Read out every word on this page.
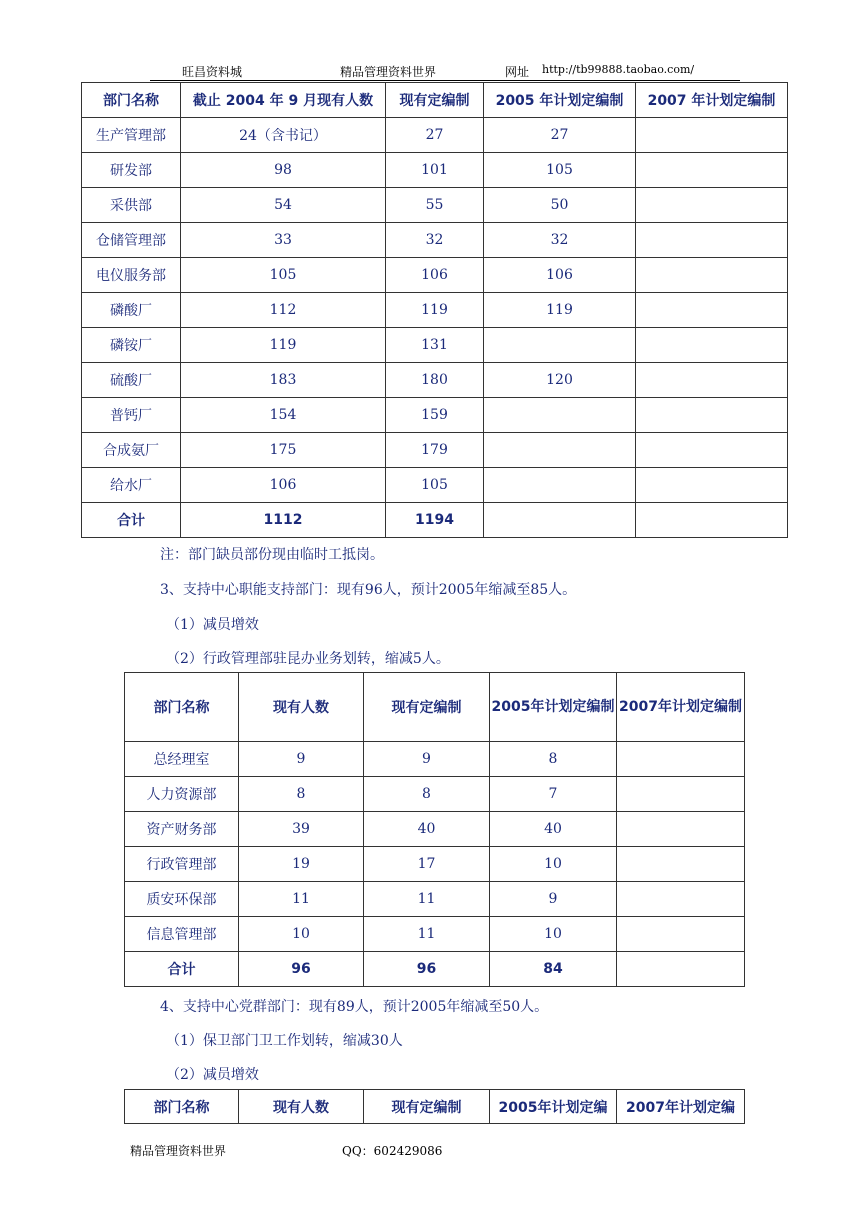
旺昌资料城	精品管理资料世界	网址 http://tb99888.taobao.com/
部门名称	截止 2004 年 9 月现有人数	现有定编制	2005 年计划定编制	2007 年计划定编制
生产管理部	24（含书记）	27	27	
研发部	98	101	105	
采供部	54	55	50	
仓储管理部	33	32	32	
电仪服务部	105	106	106	
磷酸厂	112	119	119	
磷铵厂	119	131		
硫酸厂	183	180	120	
普钙厂	154	159		
合成氨厂	175	179		
给水厂	106	105		
合计	1112	1194		
注：部门缺员部份现由临时工抵岗。
3、支持中心职能支持部门：现有96人，预计2005年缩减至85人。
（1）减员增效
（2）行政管理部驻昆办业务划转，缩减5人。
部门名称	现有人数	现有定编制	2005年计划定编制	2007年计划定编制
总经理室	9	9	8	
人力资源部	8	8	7	
资产财务部	39	40	40	
行政管理部	19	17	10	
质安环保部	11	11	9	
信息管理部	10	11	10	
合计	96	96	84	
4、支持中心党群部门：现有89人，预计2005年缩减至50人。
（1）保卫部门卫工作划转，缩减30人
（2）减员增效
部门名称	现有人数	现有定编制	2005年计划定编	2007年计划定编
精品管理资料世界	QQ：602429086
